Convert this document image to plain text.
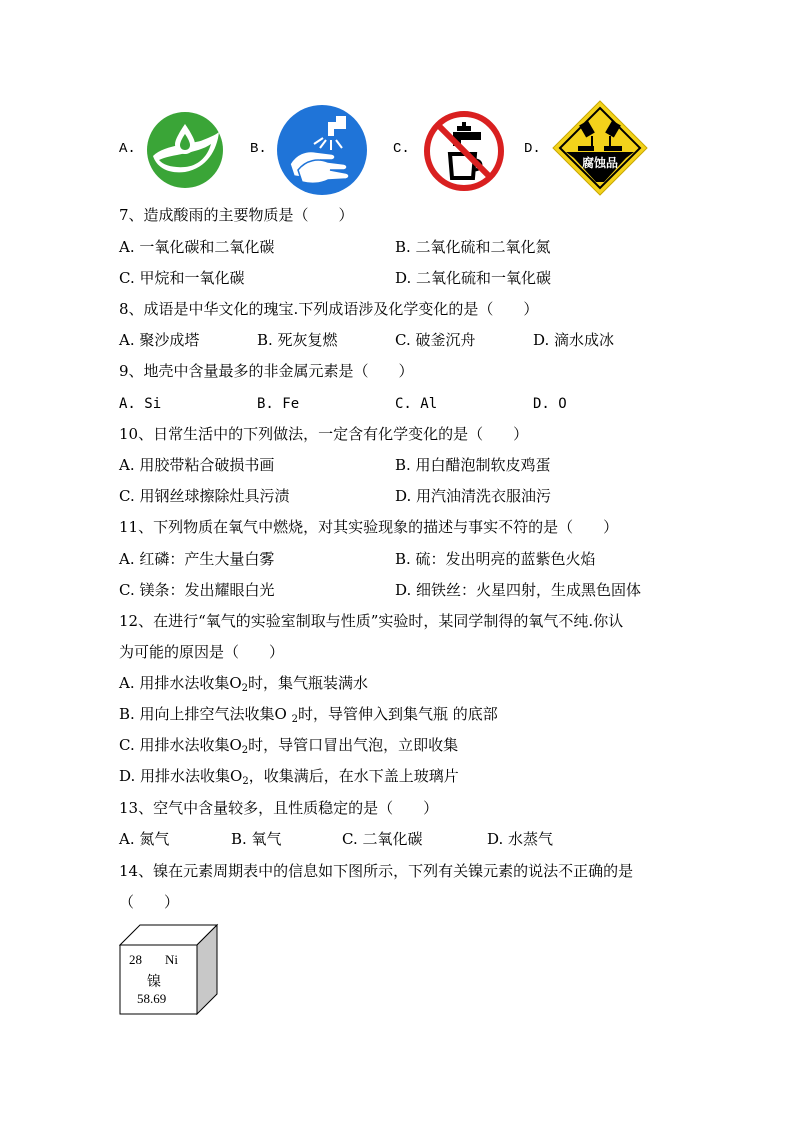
A.	B.	C.	D.
腐蚀品
7、造成酸雨的主要物质是（　　）
A. 一氧化碳和二氧化碳	B. 二氧化硫和二氧化氮
C. 甲烷和一氧化碳	D. 二氧化硫和一氧化碳
8、成语是中华文化的瑰宝.下列成语涉及化学变化的是（　　）
A. 聚沙成塔	B. 死灰复燃	C. 破釜沉舟	D. 滴水成冰
9、地壳中含量最多的非金属元素是（　　）
A. Si	B. Fe	C. Al	D. O
10、日常生活中的下列做法，一定含有化学变化的是（　　）
A. 用胶带粘合破损书画	B. 用白醋泡制软皮鸡蛋
C. 用钢丝球擦除灶具污渍	D. 用汽油清洗衣服油污
11、下列物质在氧气中燃烧，对其实验现象的描述与事实不符的是（　　）
A. 红磷：产生大量白雾	B. 硫：发出明亮的蓝紫色火焰
C. 镁条：发出耀眼白光	D. 细铁丝：火星四射，生成黑色固体
12、在进行“氧气的实验室制取与性质”实验时，某同学制得的氧气不纯.你认
为可能的原因是（　　）
A. 用排水法收集$O_2$时，集气瓶装满水
B. 用向上排空气法收集O $_2$时，导管伸入到集气瓶 的底部
C. 用排水法收集$O_2$时，导管口冒出气泡，立即收集
D. 用排水法收集$O_2$，收集满后，在水下盖上玻璃片
13、空气中含量较多，且性质稳定的是（　　）
A. 氮气	B. 氧气	C. 二氧化碳	D. 水蒸气
14、镍在元素周期表中的信息如下图所示，下列有关镍元素的说法不正确的是
（　　）
28 Ni
镍
58.69
